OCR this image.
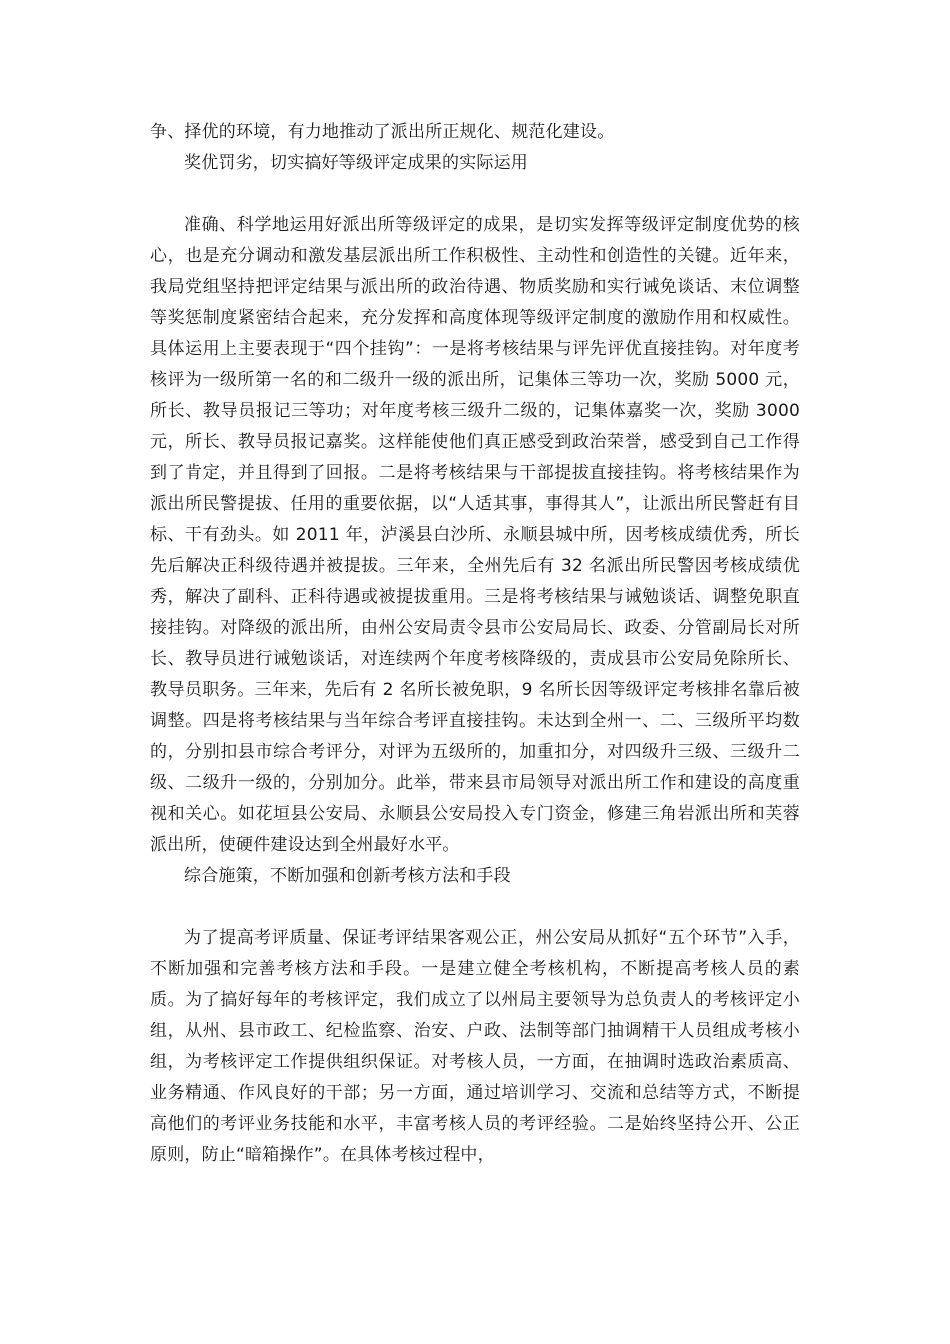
争、择优的环境，有力地推动了派出所正规化、规范化建设。

奖优罚劣，切实搞好等级评定成果的实际运用

准确、科学地运用好派出所等级评定的成果，是切实发挥等级评定制度优势的核心，也是充分调动和激发基层派出所工作积极性、主动性和创造性的关键。近年来，我局党组坚持把评定结果与派出所的政治待遇、物质奖励和实行诫免谈话、末位调整等奖惩制度紧密结合起来，充分发挥和高度体现等级评定制度的激励作用和权威性。具体运用上主要表现于“四个挂钩”：一是将考核结果与评先评优直接挂钩。对年度考核评为一级所第一名的和二级升一级的派出所，记集体三等功一次，奖励 5000 元，所长、教导员报记三等功；对年度考核三级升二级的，记集体嘉奖一次，奖励 3000 元，所长、教导员报记嘉奖。这样能使他们真正感受到政治荣誉，感受到自己工作得到了肯定，并且得到了回报。二是将考核结果与干部提拔直接挂钩。将考核结果作为派出所民警提拔、任用的重要依据，以“人适其事，事得其人”，让派出所民警赶有目标、干有劲头。如 2011 年，泸溪县白沙所、永顺县城中所，因考核成绩优秀，所长先后解决正科级待遇并被提拔。三年来，全州先后有 32 名派出所民警因考核成绩优秀，解决了副科、正科待遇或被提拔重用。三是将考核结果与诫勉谈话、调整免职直接挂钩。对降级的派出所，由州公安局责令县市公安局局长、政委、分管副局长对所长、教导员进行诫勉谈话，对连续两个年度考核降级的，责成县市公安局免除所长、教导员职务。三年来，先后有 2 名所长被免职，9 名所长因等级评定考核排名靠后被调整。四是将考核结果与当年综合考评直接挂钩。未达到全州一、二、三级所平均数的，分别扣县市综合考评分，对评为五级所的，加重扣分，对四级升三级、三级升二级、二级升一级的，分别加分。此举，带来县市局领导对派出所工作和建设的高度重视和关心。如花垣县公安局、永顺县公安局投入专门资金，修建三角岩派出所和芙蓉派出所，使硬件建设达到全州最好水平。

综合施策，不断加强和创新考核方法和手段

为了提高考评质量、保证考评结果客观公正，州公安局从抓好“五个环节”入手，不断加强和完善考核方法和手段。一是建立健全考核机构，不断提高考核人员的素质。为了搞好每年的考核评定，我们成立了以州局主要领导为总负责人的考核评定小组，从州、县市政工、纪检监察、治安、户政、法制等部门抽调精干人员组成考核小组，为考核评定工作提供组织保证。对考核人员，一方面，在抽调时选政治素质高、业务精通、作风良好的干部；另一方面，通过培训学习、交流和总结等方式，不断提高他们的考评业务技能和水平，丰富考核人员的考评经验。二是始终坚持公开、公正原则，防止“暗箱操作”。在具体考核过程中，
